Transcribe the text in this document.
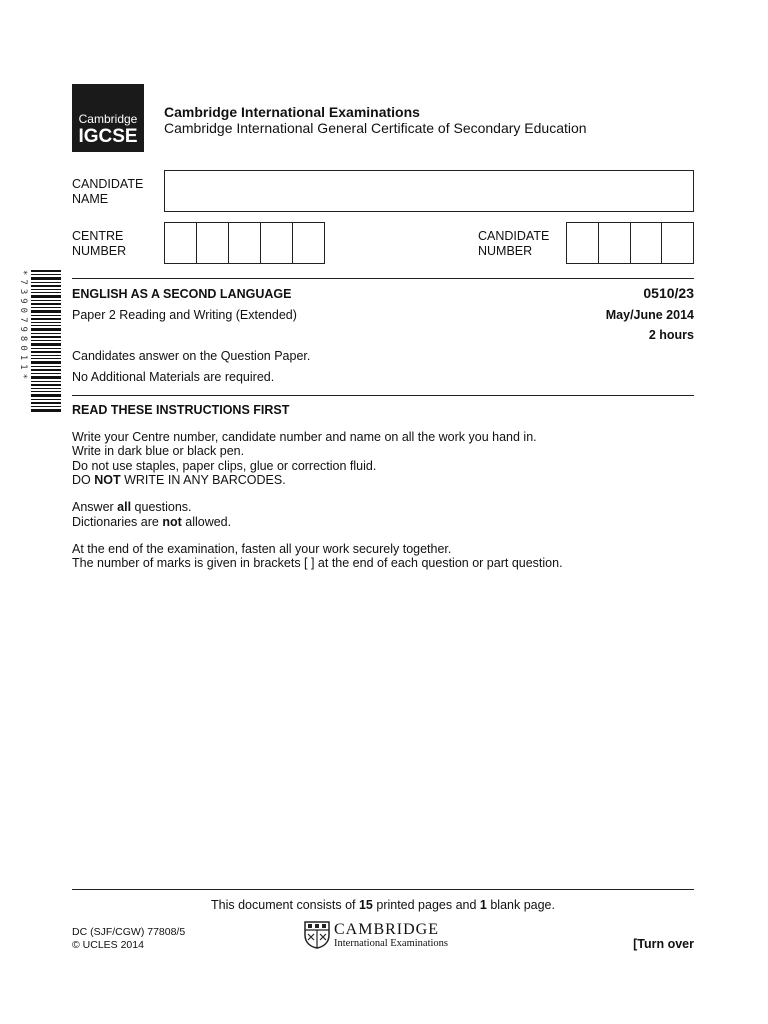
Cambridge
IGCSE
Cambridge International Examinations
Cambridge International General Certificate of Secondary Education
CANDIDATE
NAME
CENTRE
NUMBER
CANDIDATE
NUMBER
*7390798011*	ENGLISH AS A SECOND LANGUAGE	0510/23
Paper 2 Reading and Writing (Extended)	May/June 2014
2 hours
Candidates answer on the Question Paper.
No Additional Materials are required.
READ THESE INSTRUCTIONS FIRST
Write your Centre number, candidate number and name on all the work you hand in.
Write in dark blue or black pen.
Do not use staples, paper clips, glue or correction fluid.
DO NOT WRITE IN ANY BARCODES.
Answer all questions.
Dictionaries are not allowed.
At the end of the examination, fasten all your work securely together.
The number of marks is given in brackets [ ] at the end of each question or part question.
This document consists of 15 printed pages and 1 blank page.
DC (SJF/CGW) 77808/5
© UCLES 2014
CAMBRIDGE
International Examinations	[Turn over
